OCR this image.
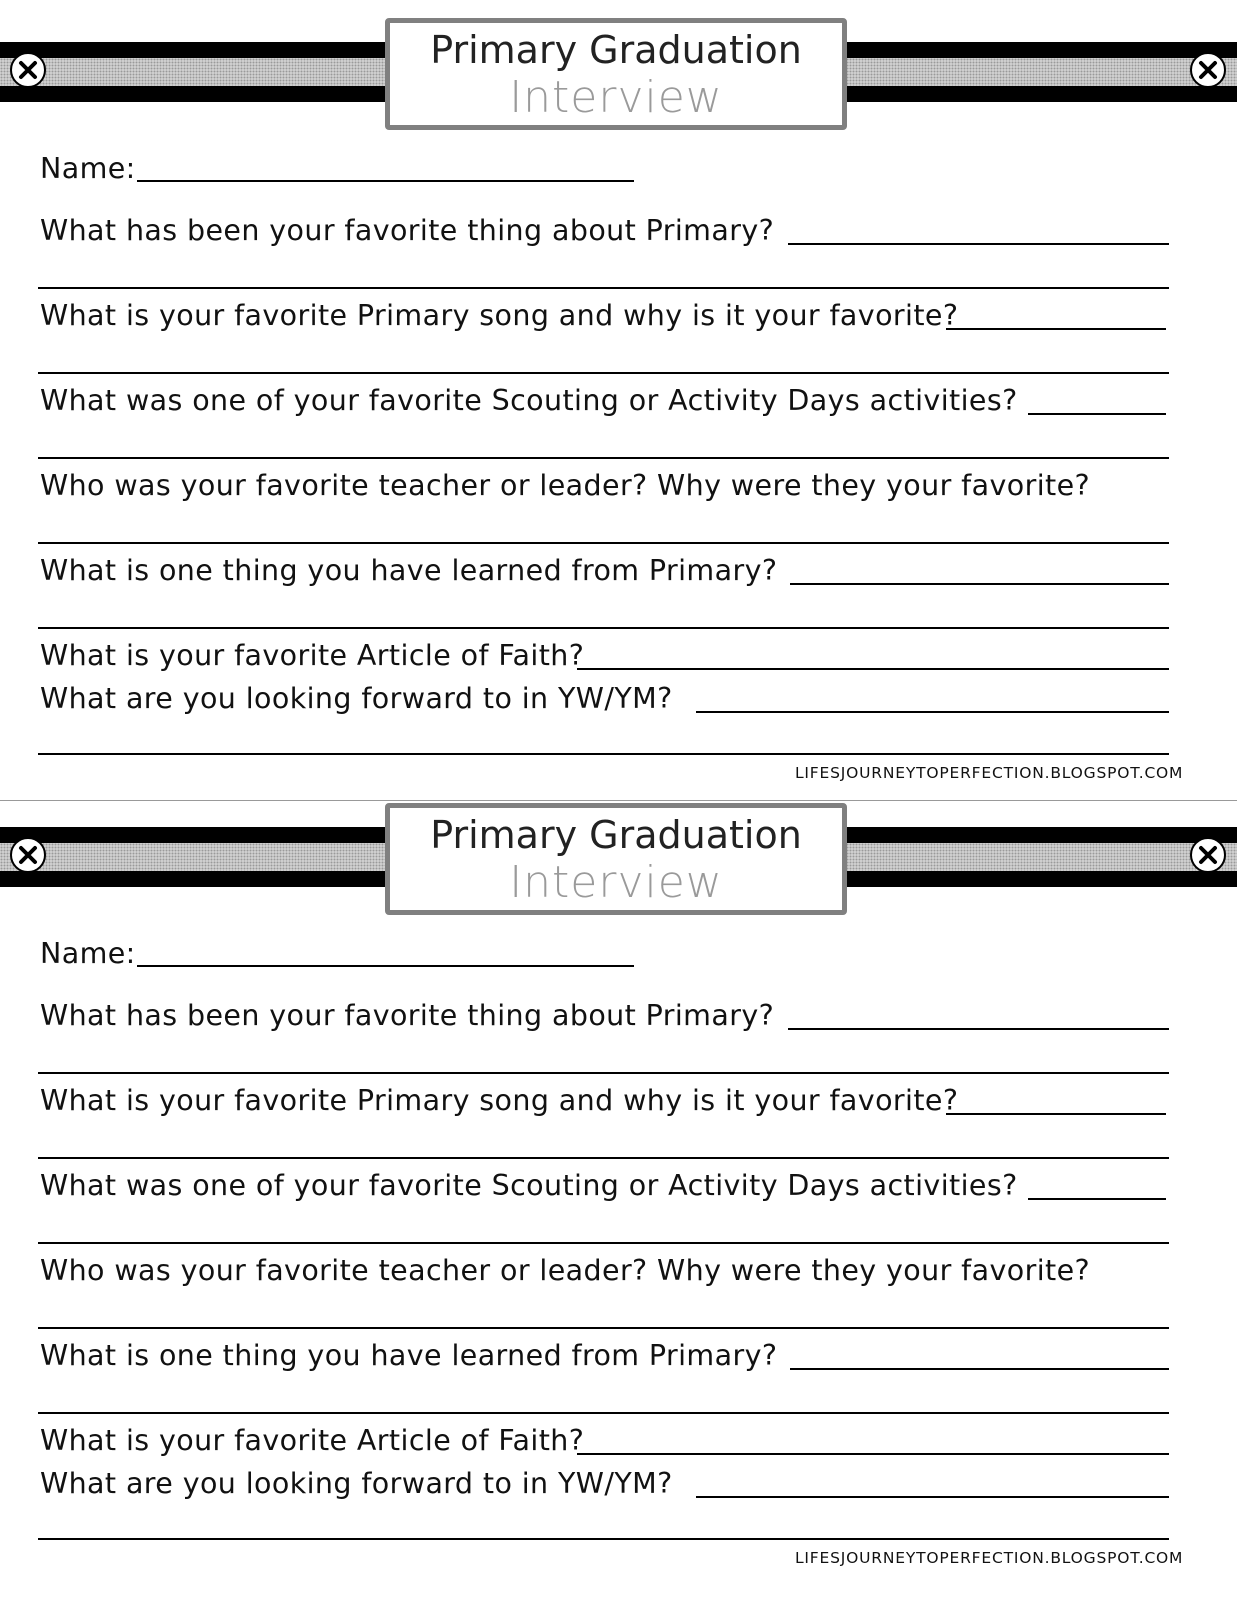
Primary Graduation
Interview
Name:
What has been your favorite thing about Primary?
What is your favorite Primary song and why is it your favorite?
What was one of your favorite Scouting or Activity Days activities?
Who was your favorite teacher or leader? Why were they your favorite?
What is one thing you have learned from Primary?
What is your favorite Article of Faith?
What are you looking forward to in YW/YM?
LIFESJOURNEYTOPERFECTION.BLOGSPOT.COM
Primary Graduation
Interview
Name:
What has been your favorite thing about Primary?
What is your favorite Primary song and why is it your favorite?
What was one of your favorite Scouting or Activity Days activities?
Who was your favorite teacher or leader? Why were they your favorite?
What is one thing you have learned from Primary?
What is your favorite Article of Faith?
What are you looking forward to in YW/YM?
LIFESJOURNEYTOPERFECTION.BLOGSPOT.COM
